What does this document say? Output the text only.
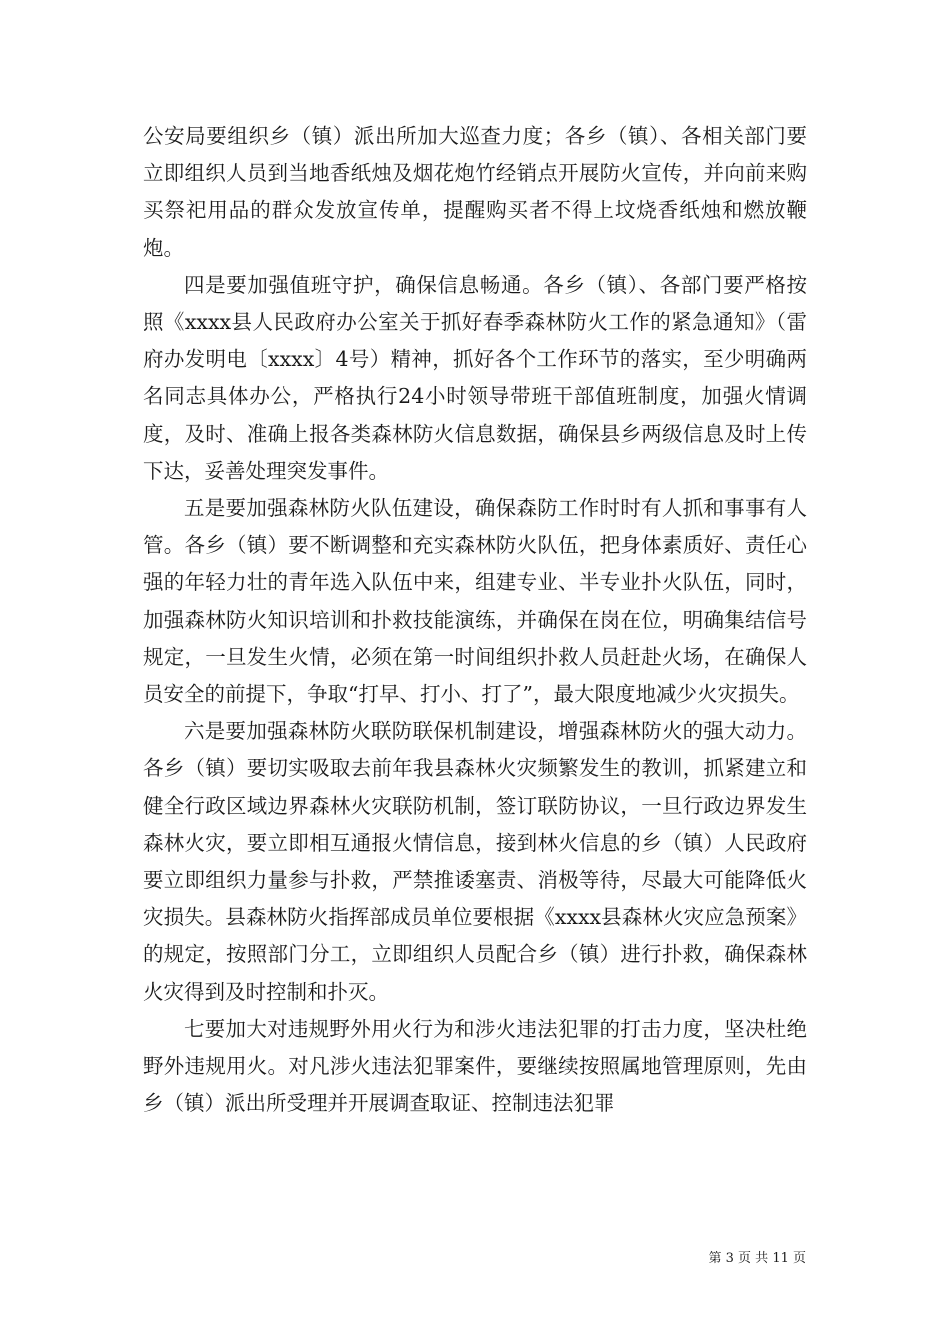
公安局要组织乡（镇）派出所加大巡查力度；各乡（镇）、各相关部门要立即组织人员到当地香纸烛及烟花炮竹经销点开展防火宣传，并向前来购买祭祀用品的群众发放宣传单，提醒购买者不得上坟烧香纸烛和燃放鞭炮。

四是要加强值班守护，确保信息畅通。各乡（镇）、各部门要严格按照《xxxx县人民政府办公室关于抓好春季森林防火工作的紧急通知》（雷府办发明电〔xxxx〕4号）精神，抓好各个工作环节的落实，至少明确两名同志具体办公，严格执行24小时领导带班干部值班制度，加强火情调度，及时、准确上报各类森林防火信息数据，确保县乡两级信息及时上传下达，妥善处理突发事件。

五是要加强森林防火队伍建设，确保森防工作时时有人抓和事事有人管。各乡（镇）要不断调整和充实森林防火队伍，把身体素质好、责任心强的年轻力壮的青年选入队伍中来，组建专业、半专业扑火队伍，同时，加强森林防火知识培训和扑救技能演练，并确保在岗在位，明确集结信号规定，一旦发生火情，必须在第一时间组织扑救人员赶赴火场，在确保人员安全的前提下，争取“打早、打小、打了”，最大限度地减少火灾损失。

六是要加强森林防火联防联保机制建设，增强森林防火的强大动力。各乡（镇）要切实吸取去前年我县森林火灾频繁发生的教训，抓紧建立和健全行政区域边界森林火灾联防机制，签订联防协议，一旦行政边界发生森林火灾，要立即相互通报火情信息，接到林火信息的乡（镇）人民政府要立即组织力量参与扑救，严禁推诿塞责、消极等待，尽最大可能降低火灾损失。县森林防火指挥部成员单位要根据《xxxx县森林火灾应急预案》的规定，按照部门分工，立即组织人员配合乡（镇）进行扑救，确保森林火灾得到及时控制和扑灭。

七要加大对违规野外用火行为和涉火违法犯罪的打击力度，坚决杜绝野外违规用火。对凡涉火违法犯罪案件，要继续按照属地管理原则，先由乡（镇）派出所受理并开展调查取证、控制违法犯罪

第 3 页 共 11 页
